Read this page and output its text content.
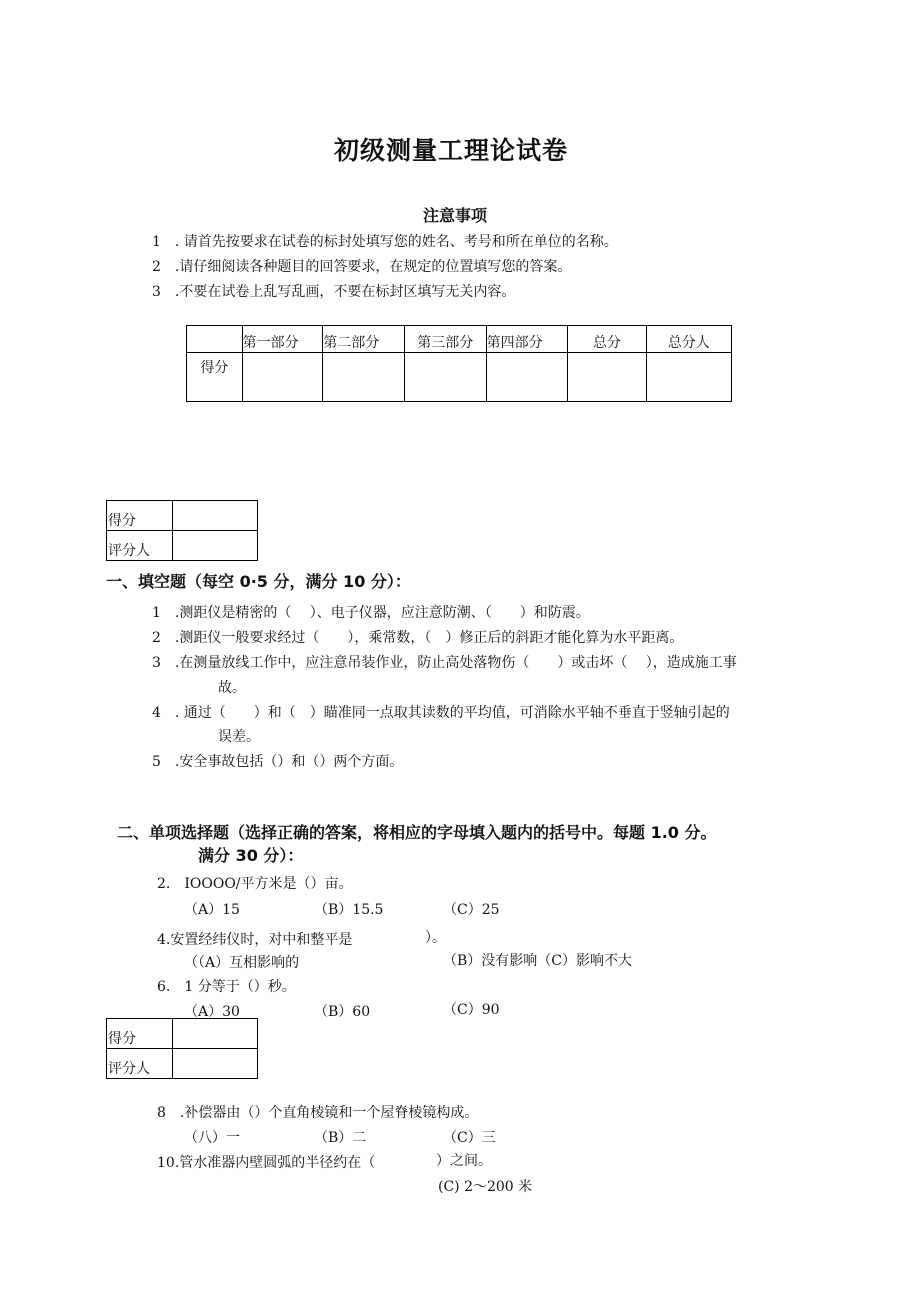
初级测量工理论试卷
注意事项
1　. 请首先按要求在试卷的标封处填写您的姓名、考号和所在单位的名称。
2　.请仔细阅读各种题目的回答要求，在规定的位置填写您的答案。
3　.不要在试卷上乱写乱画，不要在标封区填写无关内容。
	第一部分	第二部分	第三部分	第四部分	总分	总分人
得分						
得分	
评分人	
一、填空题（每空 0·5 分，满分 10 分）：
1　.测距仪是精密的（　 ）、电子仪器，应注意防潮、（　　）和防震。
2　.测距仪一般要求经过（　　），乘常数，（　）修正后的斜距才能化算为水平距离。
3　.在测量放线工作中，应注意吊装作业，防止高处落物伤（　　）或击坏（　 ），造成施工事
故。
4　. 通过（　　）和（　）瞄准同一点取其读数的平均值，可消除水平轴不垂直于竖轴引起的
误差。
5　.安全事故包括（）和（）两个方面。
二、单项选择题（选择正确的答案，将相应的字母填入题内的括号中。每题 1.0 分。
满分 30 分）：
2.　IOOOO/平方米是（）亩。
（A）15	（B）15.5	（C）25
4.安置经纬仪时，对中和整平是	）。
（（A）互相影响的	（B）没有影响（C）影响不大
6.　1 分等于（）秒。
（A）30	（B）60	（C）90
得分	
评分人	
8　.补偿器由（）个直角棱镜和一个屋脊棱镜构成。
（八）一	（B）二	（C）三
10.管水准器内壁圆弧的半径约在（	）之间。
(C) 2～200 米
